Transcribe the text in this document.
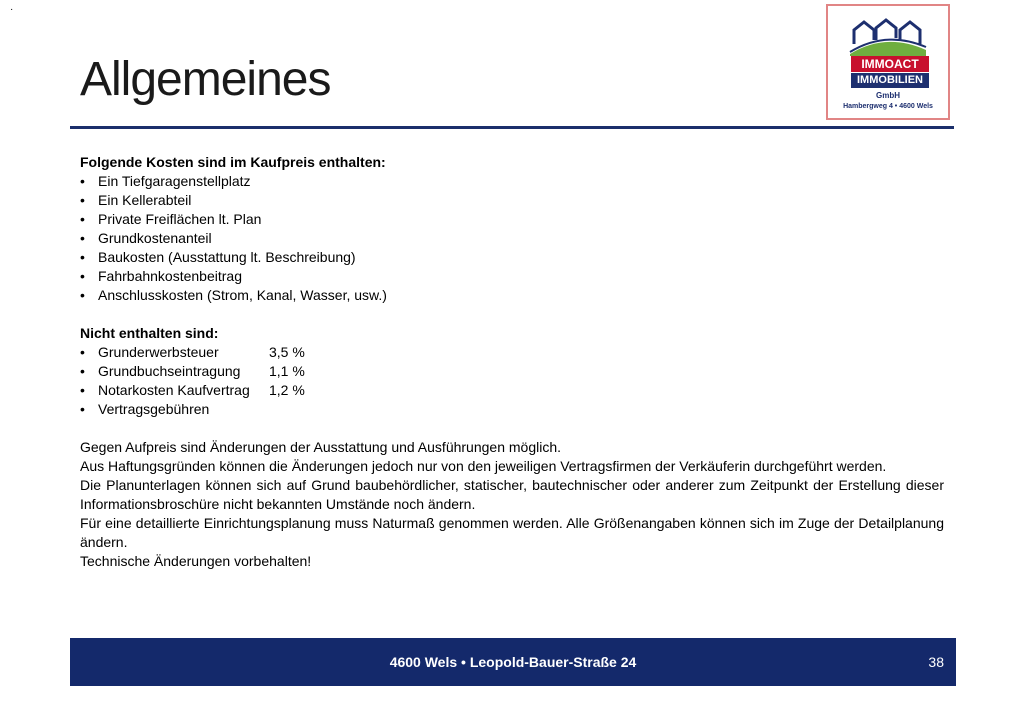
·
Allgemeines	IMMOACT
IMMOBILIEN
GmbH
Hambergweg 4 • 4600 Wels

Folgende Kosten sind im Kaufpreis enthalten:

• Ein Tiefgaragenstellplatz
• Ein Kellerabteil
• Private Freiflächen lt. Plan
• Grundkostenanteil
• Baukosten (Ausstattung lt. Beschreibung)
• Fahrbahnkostenbeitrag
• Anschlusskosten (Strom, Kanal, Wasser, usw.)

Nicht enthalten sind:

• Grunderwerbsteuer	3,5 %
• Grundbuchseintragung	1,1 %
• Notarkosten Kaufvertrag	1,2 %
• Vertragsgebühren

Gegen Aufpreis sind Änderungen der Ausstattung und Ausführungen möglich.

Aus Haftungsgründen können die Änderungen jedoch nur von den jeweiligen Vertragsfirmen der Verkäuferin durchgeführt werden.

Die Planunterlagen können sich auf Grund baubehördlicher, statischer, bautechnischer oder anderer zum Zeitpunkt der Erstellung dieser Informationsbroschüre nicht bekannten Umstände noch ändern.

Für eine detaillierte Einrichtungsplanung muss Naturmaß genommen werden. Alle Größenangaben können sich im Zuge der Detailplanung ändern.

Technische Änderungen vorbehalten!

4600 Wels • Leopold-Bauer-Straße 24	38
